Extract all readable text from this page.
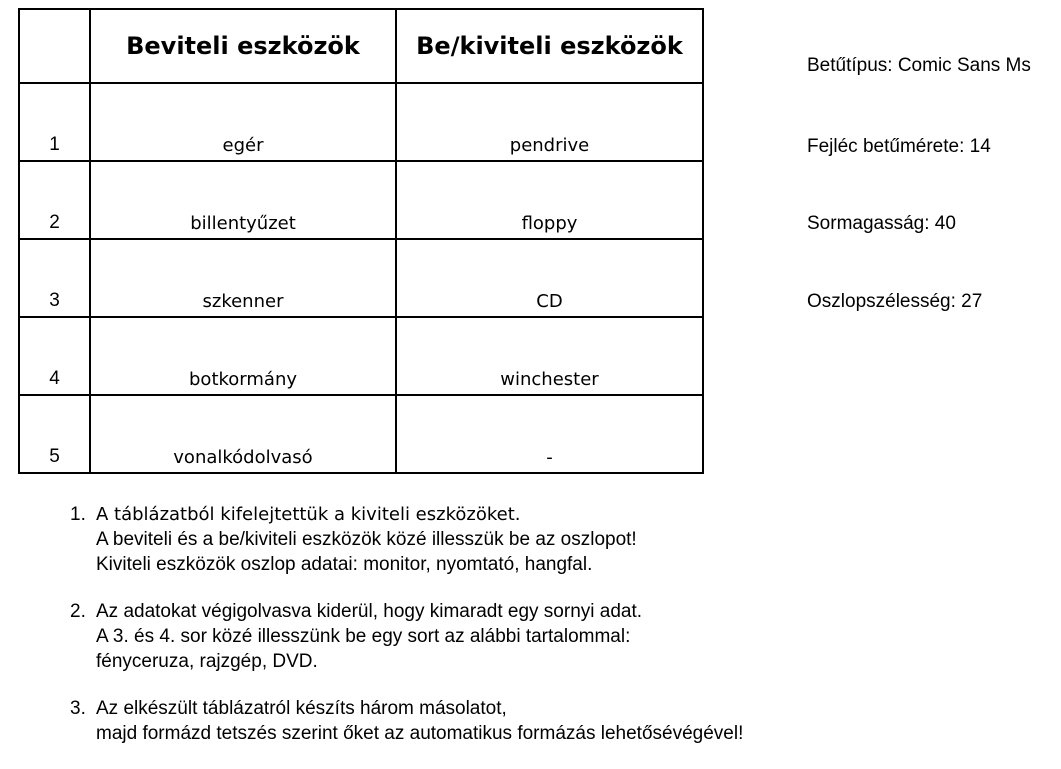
	Beviteli eszközök	Be/kiviteli eszközök
1	egér	pendrive
2	billentyűzet	floppy
3	szkenner	CD
4	botkormány	winchester
5	vonalkódolvasó	-
Betűtípus: Comic Sans Ms
Fejléc betűmérete: 14
Sormagasság: 40
Oszlopszélesség: 27
1. A táblázatból kifelejtettük a kiviteli eszközöket.
A beviteli és a be/kiviteli eszközök közé illesszük be az oszlopot!
Kiviteli eszközök oszlop adatai: monitor, nyomtató, hangfal.
2. Az adatokat végigolvasva kiderül, hogy kimaradt egy sornyi adat.
A 3. és 4. sor közé illesszünk be egy sort az alábbi tartalommal:
fényceruza, rajzgép, DVD.
3. Az elkészült táblázatról készíts három másolatot,
majd formázd tetszés szerint őket az automatikus formázás lehetősévégével!
